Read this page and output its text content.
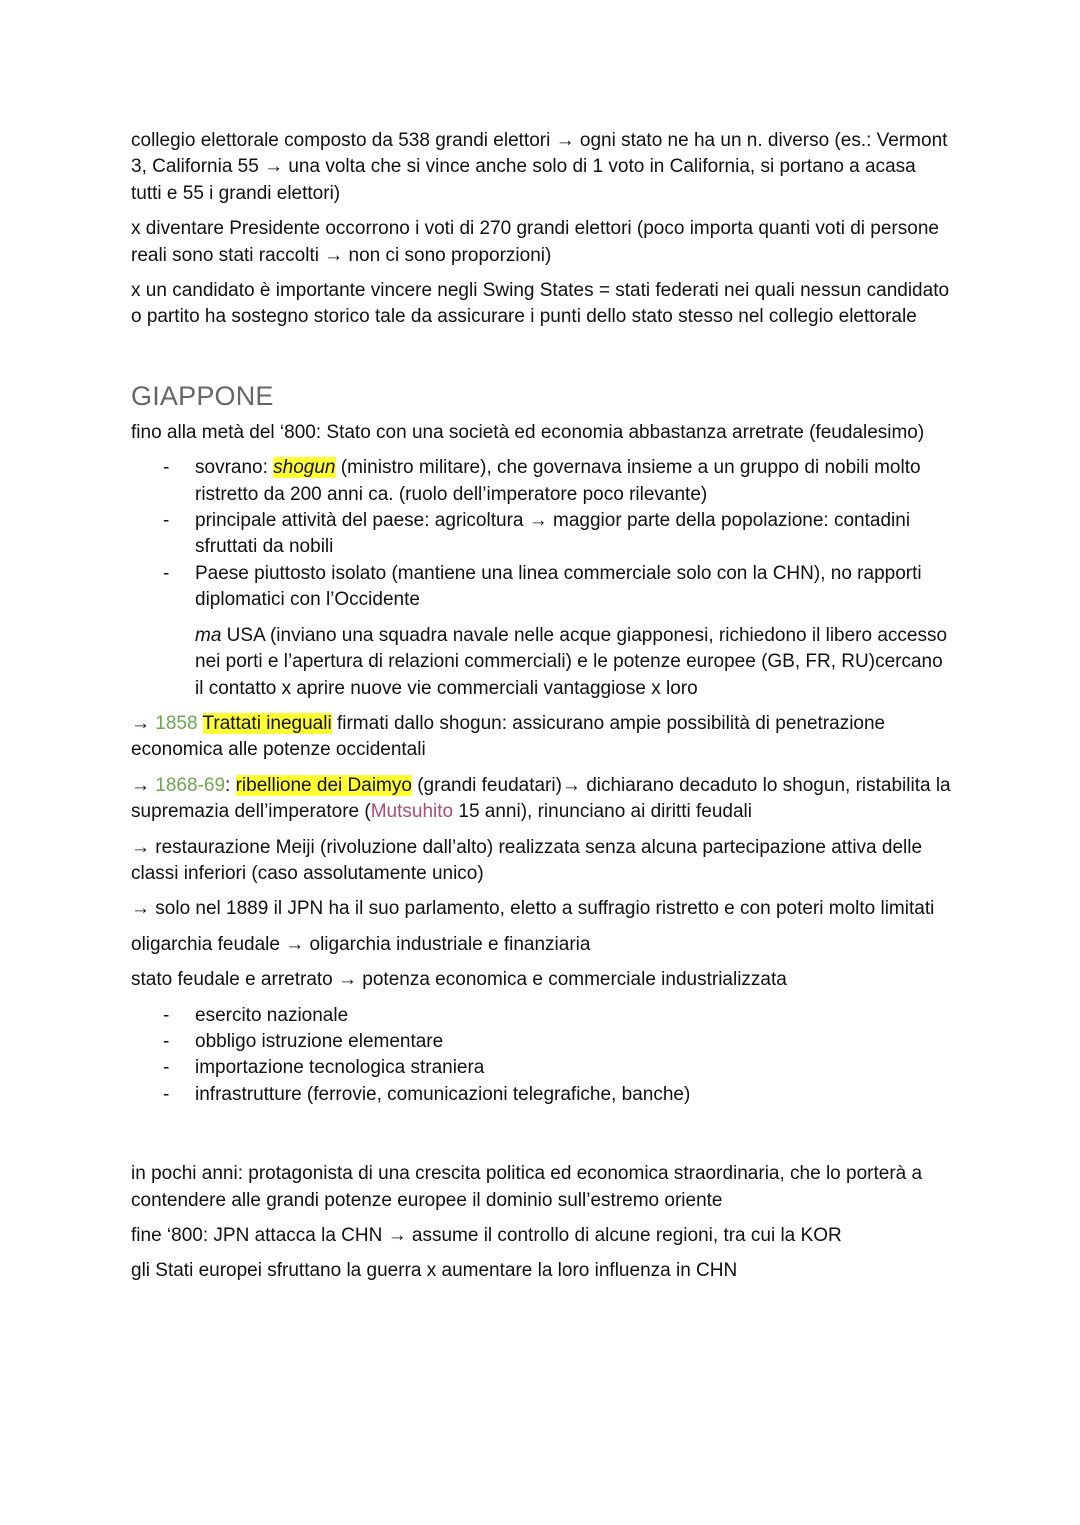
collegio elettorale composto da 538 grandi elettori → ogni stato ne ha un n. diverso (es.: Vermont 3, California 55 → una volta che si vince anche solo di 1 voto in California, si portano a acasa tutti e 55 i grandi elettori)

x diventare Presidente occorrono i voti di 270 grandi elettori (poco importa quanti voti di persone reali sono stati raccolti → non ci sono proporzioni)

x un candidato è importante vincere negli Swing States = stati federati nei quali nessun candidato o partito ha sostegno storico tale da assicurare i punti dello stato stesso nel collegio elettorale

GIAPPONE

fino alla metà del ‘800: Stato con una società ed economia abbastanza arretrate (feudalesimo)

- sovrano: shogun (ministro militare), che governava insieme a un gruppo di nobili molto ristretto da 200 anni ca. (ruolo dell’imperatore poco rilevante)
- principale attività del paese: agricoltura → maggior parte della popolazione: contadini sfruttati da nobili
- Paese piuttosto isolato (mantiene una linea commerciale solo con la CHN), no rapporti diplomatici con l’Occidente

ma USA (inviano una squadra navale nelle acque giapponesi, richiedono il libero accesso nei porti e l’apertura di relazioni commerciali) e le potenze europee (GB, FR, RU)cercano il contatto x aprire nuove vie commerciali vantaggiose x loro

→ 1858 Trattati ineguali firmati dallo shogun: assicurano ampie possibilità di penetrazione economica alle potenze occidentali

→ 1868-69: ribellione dei Daimyo (grandi feudatari)→ dichiarano decaduto lo shogun, ristabilita la supremazia dell’imperatore (Mutsuhito 15 anni), rinunciano ai diritti feudali

→ restaurazione Meiji (rivoluzione dall’alto) realizzata senza alcuna partecipazione attiva delle classi inferiori (caso assolutamente unico)

→ solo nel 1889 il JPN ha il suo parlamento, eletto a suffragio ristretto e con poteri molto limitati

oligarchia feudale → oligarchia industriale e finanziaria

stato feudale e arretrato → potenza economica e commerciale industrializzata

- esercito nazionale
- obbligo istruzione elementare
- importazione tecnologica straniera
- infrastrutture (ferrovie, comunicazioni telegrafiche, banche)

in pochi anni: protagonista di una crescita politica ed economica straordinaria, che lo porterà a contendere alle grandi potenze europee il dominio sull’estremo oriente

fine ‘800: JPN attacca la CHN → assume il controllo di alcune regioni, tra cui la KOR

gli Stati europei sfruttano la guerra x aumentare la loro influenza in CHN
